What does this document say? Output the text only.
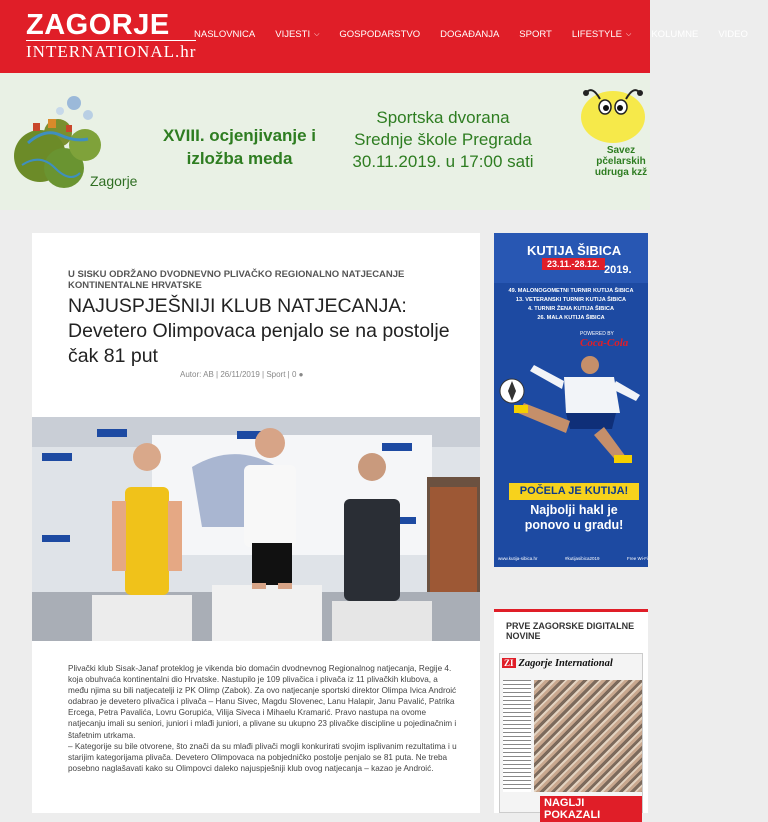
ZAGORJE
INTERNATIONAL.hr
NASLOVNICA VIJESTI ⌵ GOSPODARSTVO DOGAĐANJA SPORT LIFESTYLE ⌵ KOLUMNE VIDEO
Zagorje
XVIII. ocjenjivanje i izložba meda
Sportska dvorana
Srednje škole Pregrada
30.11.2019. u 17:00 sati
Savez pčelarskih udruga kzž
U SISKU ODRŽANO DVODNEVNO PLIVAČKO REGIONALNO NATJECANJE KONTINENTALNE HRVATSKE
NAJUSPJEŠNIJI KLUB NATJECANJA: Devetero Olimpovaca penjalo se na postolje čak 81 put
Autor: AB | 26/11/2019 | Sport | 0 ●

Plivački klub Sisak-Janaf proteklog je vikenda bio domaćin dvodnevnog Regionalnog natjecanja, Regije 4. koja obuhvaća kontinentalni dio Hrvatske. Nastupilo je 109 plivačica i plivača iz 11 plivačkih klubova, a među njima su bili natjecatelji iz PK Olimp (Zabok). Za ovo natjecanje sportski direktor Olimpa Ivica Androić odabrao je devetero plivačica i plivača – Hanu Sivec, Magdu Slovenec, Lanu Halapir, Janu Pavalić, Patrika Ercega, Petra Pavalića, Lovru Gorupića, Vilija Siveca i Mihaelu Kramarić. Pravo nastupa na ovome natjecanju imali su seniori, juniori i mlađi juniori, a plivane su ukupno 23 plivačke discipline u pojedinačnim i štafetnim utrkama.

– Kategorije su bile otvorene, što znači da su mlađi plivači mogli konkurirati svojim isplivanim rezultatima i u starijim kategorijama plivača. Devetero Olimpovaca na pobjedničko postolje penjalo se 81 puta. Ne treba posebno naglašavati kako su Olimpovci daleko najuspješniji klub ovog natjecanja – kazao je Androić.

KUTIJA ŠIBICA
23.11.-28.12. 2019.
49. MALONOGOMETNI TURNIR KUTIJA ŠIBICA
13. VETERANSKI TURNIR KUTIJA ŠIBICA
4. TURNIR ŽENA KUTIJA ŠIBICA
26. MALA KUTIJA ŠIBICA
POWERED BY
Coca-Cola
POČELA JE KUTIJA!
Najbolji hakl je ponovo u gradu!
www.kutija-sibica.hr	#kutijasibica2019	Free Wi-Fi
PRVE ZAGORSKE DIGITALNE NOVINE
ZI Zagorje International
NAGLJI POKAZALI
